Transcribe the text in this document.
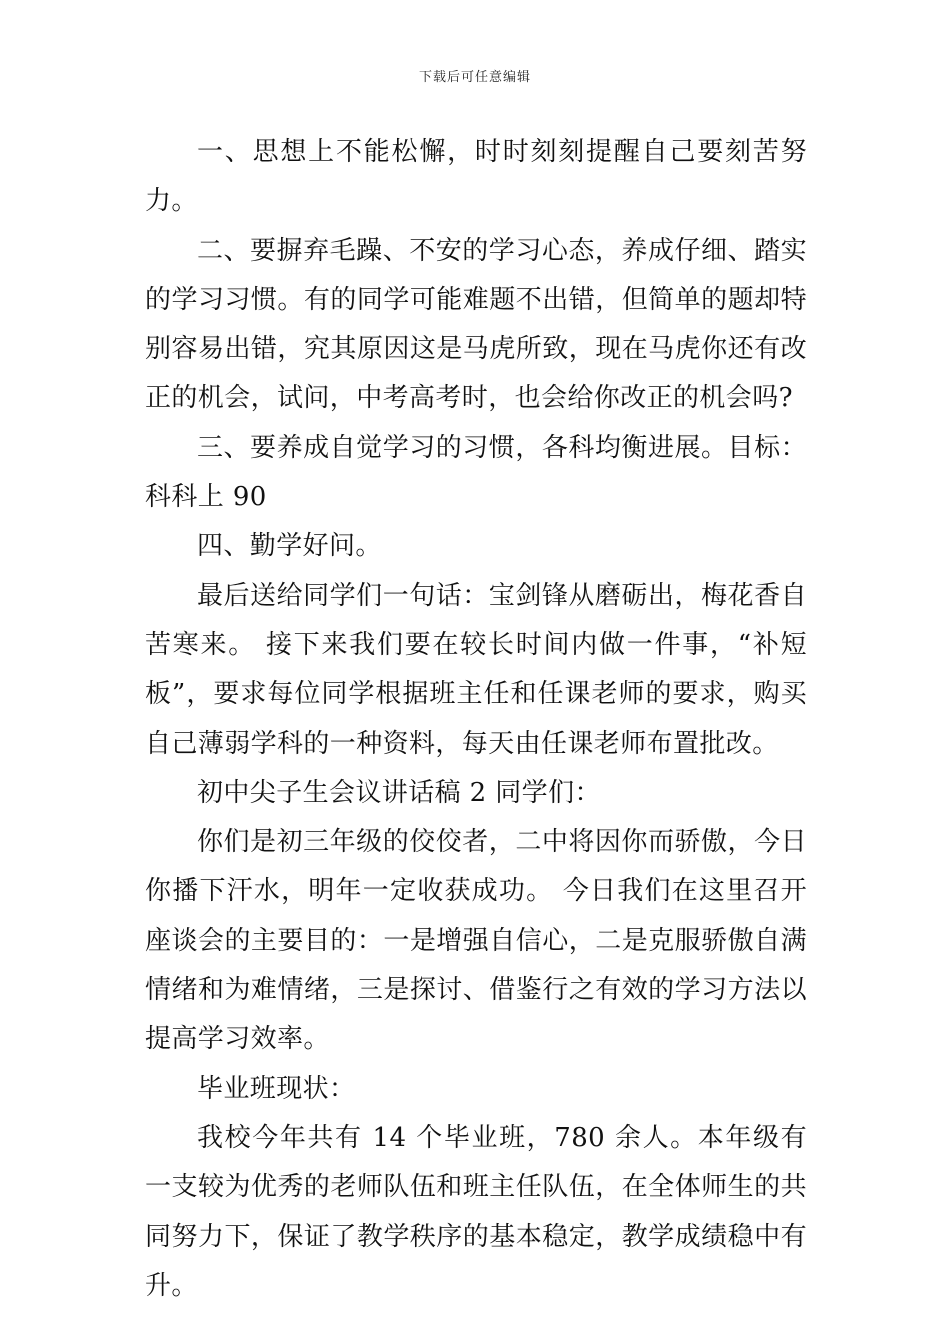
下载后可任意编辑

一、思想上不能松懈，时时刻刻提醒自己要刻苦努力。

二、要摒弃毛躁、不安的学习心态，养成仔细、踏实的学习习惯。有的同学可能难题不出错，但简单的题却特别容易出错，究其原因这是马虎所致，现在马虎你还有改正的机会，试问，中考高考时，也会给你改正的机会吗?

三、要养成自觉学习的习惯，各科均衡进展。目标：科科上 90

四、勤学好问。

最后送给同学们一句话：宝剑锋从磨砺出，梅花香自苦寒来。 接下来我们要在较长时间内做一件事，“补短板”，要求每位同学根据班主任和任课老师的要求，购买自己薄弱学科的一种资料，每天由任课老师布置批改。

初中尖子生会议讲话稿 2 同学们：

你们是初三年级的佼佼者，二中将因你而骄傲，今日你播下汗水，明年一定收获成功。 今日我们在这里召开座谈会的主要目的：一是增强自信心，二是克服骄傲自满情绪和为难情绪，三是探讨、借鉴行之有效的学习方法以提高学习效率。

毕业班现状：

我校今年共有 14 个毕业班，780 余人。本年级有一支较为优秀的老师队伍和班主任队伍，在全体师生的共同努力下，保证了教学秩序的基本稳定，教学成绩稳中有升。
